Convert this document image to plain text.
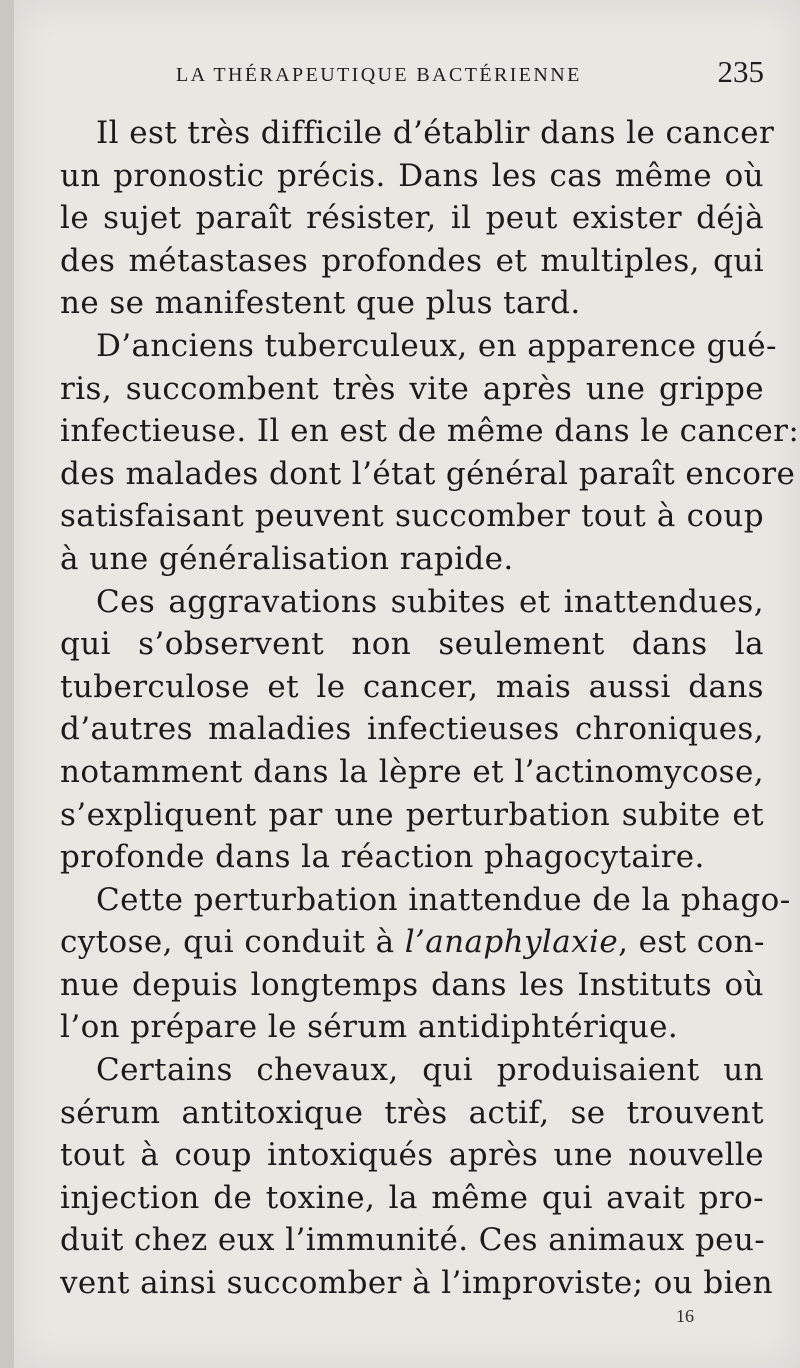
LA THÉRAPEUTIQUE BACTÉRIENNE	235
Il est très difficile d’établir dans le cancer
un pronostic précis. Dans les cas même où
le sujet paraît résister, il peut exister déjà
des métastases profondes et multiples, qui
ne se manifestent que plus tard.
D’anciens tuberculeux, en apparence gué-
ris, succombent très vite après une grippe
infectieuse. Il en est de même dans le cancer:
des malades dont l’état général paraît encore
satisfaisant peuvent succomber tout à coup
à une généralisation rapide.
Ces aggravations subites et inattendues,
qui s’observent non seulement dans la
tuberculose et le cancer, mais aussi dans
d’autres maladies infectieuses chroniques,
notamment dans la lèpre et l’actinomycose,
s’expliquent par une perturbation subite et
profonde dans la réaction phagocytaire.
Cette perturbation inattendue de la phago-
cytose, qui conduit à l’anaphylaxie, est con-
nue depuis longtemps dans les Instituts où
l’on prépare le sérum antidiphtérique.
Certains chevaux, qui produisaient un
sérum antitoxique très actif, se trouvent
tout à coup intoxiqués après une nouvelle
injection de toxine, la même qui avait pro-
duit chez eux l’immunité. Ces animaux peu-
vent ainsi succomber à l’improviste; ou bien
16
